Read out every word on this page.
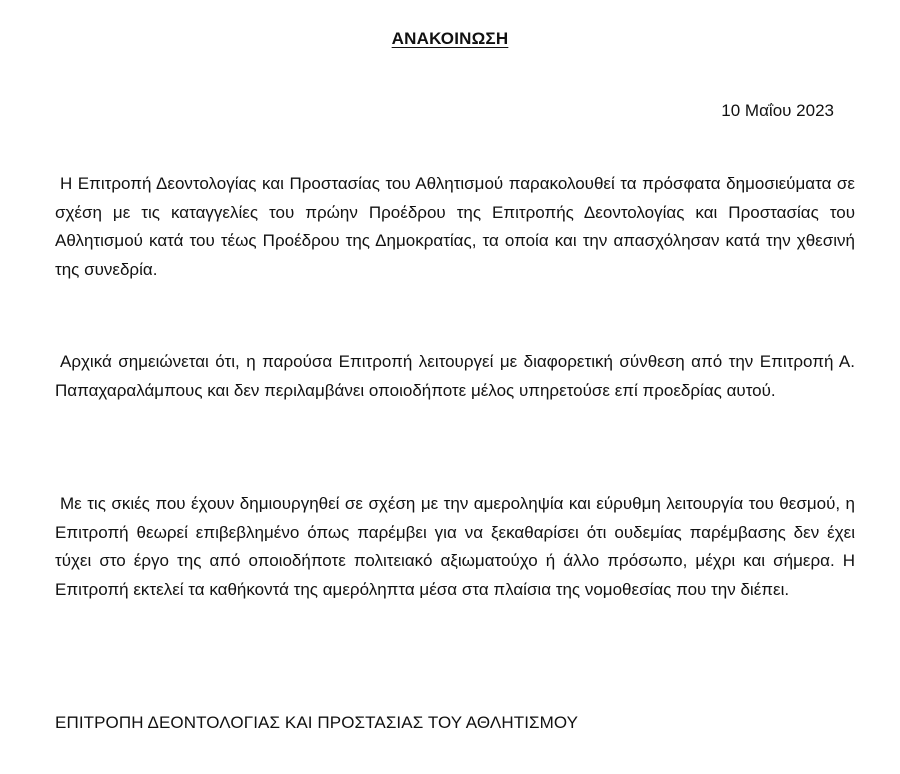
ΑΝΑΚΟΙΝΩΣΗ
10 Μαΐου 2023

Η Επιτροπή Δεοντολογίας και Προστασίας του Αθλητισμού παρακολουθεί τα πρόσφατα δημοσιεύματα σε σχέση με τις καταγγελίες του πρώην Προέδρου της Επιτροπής Δεοντολογίας και Προστασίας του Αθλητισμού κατά του τέως Προέδρου της Δημοκρατίας, τα οποία και την απασχόλησαν κατά την χθεσινή της συνεδρία.

Αρχικά σημειώνεται ότι, η παρούσα Επιτροπή λειτουργεί με διαφορετική σύνθεση από την Επιτροπή Α. Παπαχαραλάμπους και δεν περιλαμβάνει οποιοδήποτε μέλος υπηρετούσε επί προεδρίας αυτού.

Με τις σκιές που έχουν δημιουργηθεί σε σχέση με την αμεροληψία και εύρυθμη λειτουργία του θεσμού, η Επιτροπή θεωρεί επιβεβλημένο όπως παρέμβει για να ξεκαθαρίσει ότι ουδεμίας παρέμβασης δεν έχει τύχει στο έργο της από οποιοδήποτε πολιτειακό αξιωματούχο ή άλλο πρόσωπο, μέχρι και σήμερα. Η Επιτροπή εκτελεί τα καθήκοντά της αμερόληπτα μέσα στα πλαίσια της νομοθεσίας που την διέπει.

ΕΠΙΤΡΟΠΗ ΔΕΟΝΤΟΛΟΓΙΑΣ ΚΑΙ ΠΡΟΣΤΑΣΙΑΣ ΤΟΥ ΑΘΛΗΤΙΣΜΟΥ
